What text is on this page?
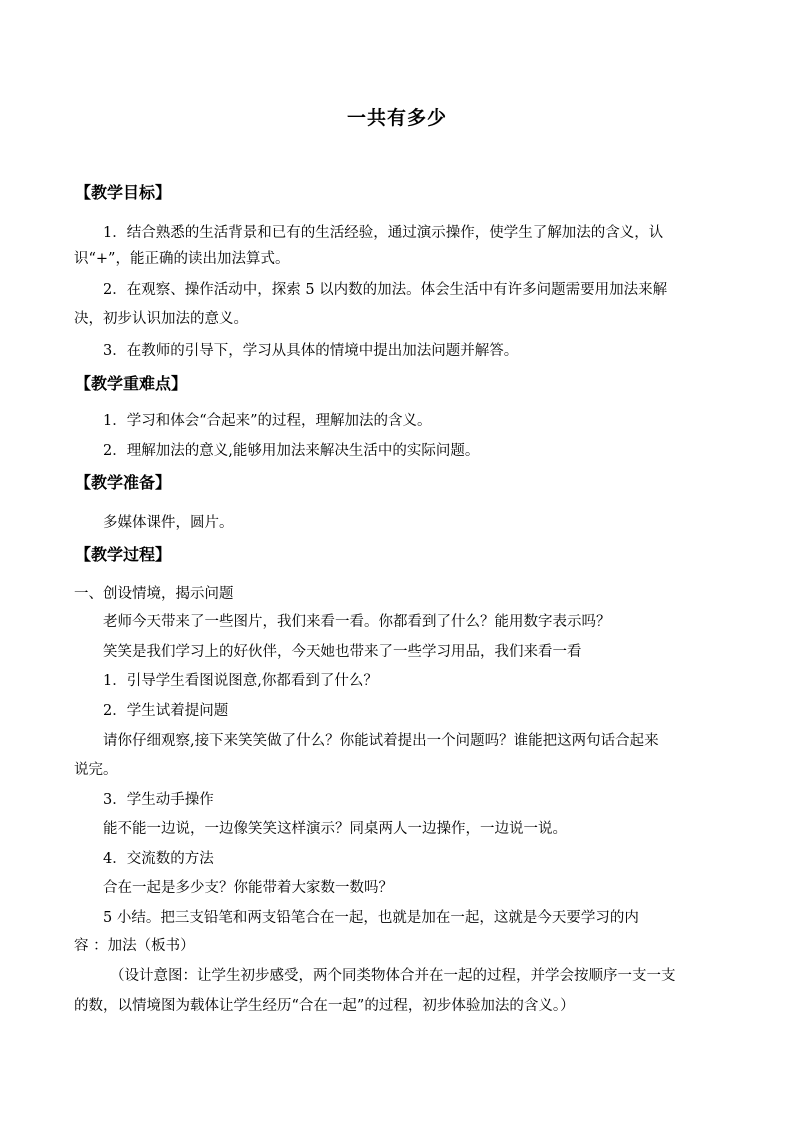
一共有多少
【教学目标】
1．结合熟悉的生活背景和已有的生活经验，通过演示操作，使学生了解加法的含义，认
识“+”，能正确的读出加法算式。
2．在观察、操作活动中，探索 5 以内数的加法。体会生活中有许多问题需要用加法来解
决，初步认识加法的意义。
3．在教师的引导下，学习从具体的情境中提出加法问题并解答。
【教学重难点】
1．学习和体会“合起来”的过程，理解加法的含义。
2．理解加法的意义,能够用加法来解决生活中的实际问题。
【教学准备】
多媒体课件，圆片。
【教学过程】
一、创设情境，揭示问题
老师今天带来了一些图片，我们来看一看。你都看到了什么？能用数字表示吗？
笑笑是我们学习上的好伙伴，今天她也带来了一些学习用品，我们来看一看
1．引导学生看图说图意,你都看到了什么？
2．学生试着提问题
请你仔细观察,接下来笑笑做了什么？你能试着提出一个问题吗？谁能把这两句话合起来
说完。
3．学生动手操作
能不能一边说，一边像笑笑这样演示？同桌两人一边操作，一边说一说。
4．交流数的方法
合在一起是多少支？你能带着大家数一数吗？
5 小结。把三支铅笔和两支铅笔合在一起，也就是加在一起，这就是今天要学习的内
容 ：加法（板书）
（设计意图：让学生初步感受，两个同类物体合并在一起的过程，并学会按顺序一支一支
的数，以情境图为载体让学生经历“合在一起”的过程，初步体验加法的含义。）
